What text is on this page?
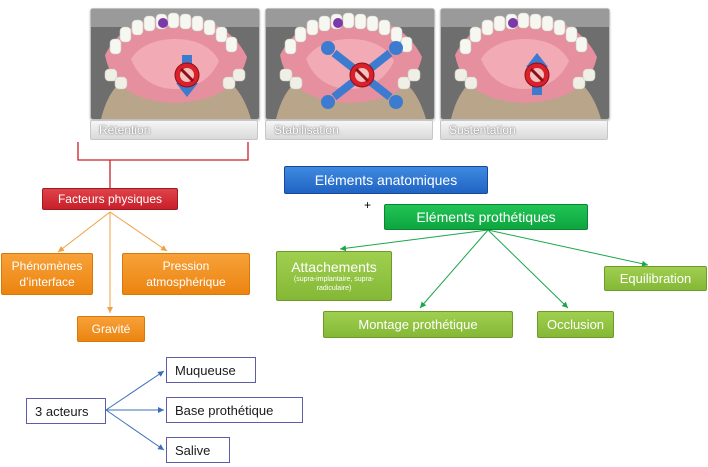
Rétention	Stabilisation	Sustentation
Facteurs physiques
Phénomènes d’interface
Pression atmosphérique
Gravité
Eléments anatomiques
+
Eléments prothétiques
Attachements
(supra-implantaire, supra-radiculaire)
Montage prothétique	Occlusion
Equilibration
3 acteurs
Muqueuse
Base prothétique
Salive
